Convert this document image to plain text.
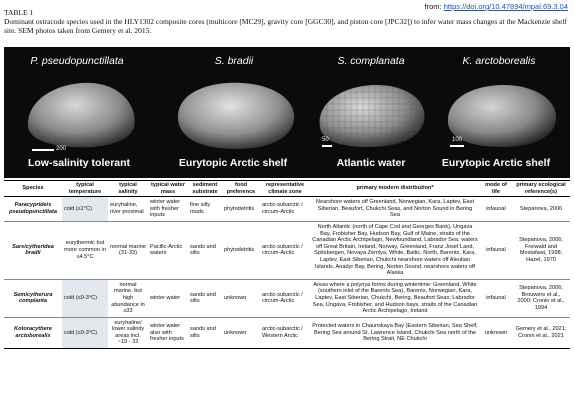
from: https://doi.org/10.47894/mpal.69.3.04
TABLE 1
Dominant ostracode species used in the HLY1302 composite cores (multicore [MC29], gravity core [GGC30], and piston core [JPC32]) to infer water mass changes at the Mackenzie shelf site. SEM photos taken from Gemery et al. 2015.
P. pseudopunctillata
200
Low-salinity tolerant
S. bradii
Eurytopic Arctic shelf
S. complanata
50
Atlantic water
K. arctoborealis
100
Eurytopic Arctic shelf
Species	typical temperature	typical salinity	typical water mass	sediment substrate	food preference	representative climate zone	primary modern distribution*	mode of life	primary ecological reference(s)
Paracyprideis pseudopunctillata	cold (≤1°C)	euryhaline, river proximal	winter water with fresher inputs	fine silty muds	phytodetritis	arctic-subarctic / circum-Arctic	Nearshore waters off Greenland, Norwegian, Kara, Laptev, East Siberian, Beaufort, Chukchi Seas, and Norton Sound in Bering Sea	infaunal	Stepanova, 2006
Sarsicytheridea bradii	eurythermic but more common in ≤4.5°C	normal marine (31-33)	Pacific-Arctic waters	sands and silts	phytodetritis	arctic-subarctic / circum-Arctic	North Atlantic (north of Cape Cod and Georges Bank), Ungava Bay, Frobisher Bay, Hudson Bay, Gulf of Maine, straits of the Canadian Arctic Archipelago, Newfoundland, Labrador Sea, waters off Great Britain, Ireland, Norway, Greenland, Franz Josef Land, Spitsbergen, Novaya Zemlya, White, Baltic, North, Barents, Kara, Laptev, East Siberian, Chukchi nearshore waters off Aleutian Islands, Anadyr Bay, Bering, Norton Sound, nearshore waters off Alaska	infaunal	Stepanova, 2006; Freiwald and Mostafawi, 1998; Hazel, 1970
Semicytherura complanta	cold (≤0-3°C)	normal marine, but high abundance in ≥33	winter water	sands and silts	unknown	arctic-subarctic / circum-Arctic	Areas where a polynya forms during wintertime: Greenland, White (southern inlet of the Barents Sea), Barents, Norwegian, Kara, Laptev, East Siberian, Chukchi, Bering, Beaufort Seas; Labrador Sea, Ungava, Frobisher, and Hudson bays, straits of the Canadian Arctic Archipelago, Ireland	infaunal	Stepanova, 2006; Brouwers et al., 2000; Cronin et al., 1994
Kotoracythere arctoborealis	cold (≤0-3°C)	euryhaline/ lower salinity areas incl. ~19 - 32	winter water also with fresher inputs	sands and silts	unknown	arctic-subarctic / Western Arctic	Protected waters in Chaunskaya Bay (Eastern Siberian, Sea Shelf, Bering Sea around St. Lawrence Island, Chukchi Sea north of the Bering Strait, NE Chukchi	unknown	Gemery et al., 2021; Cronin et al., 2021
